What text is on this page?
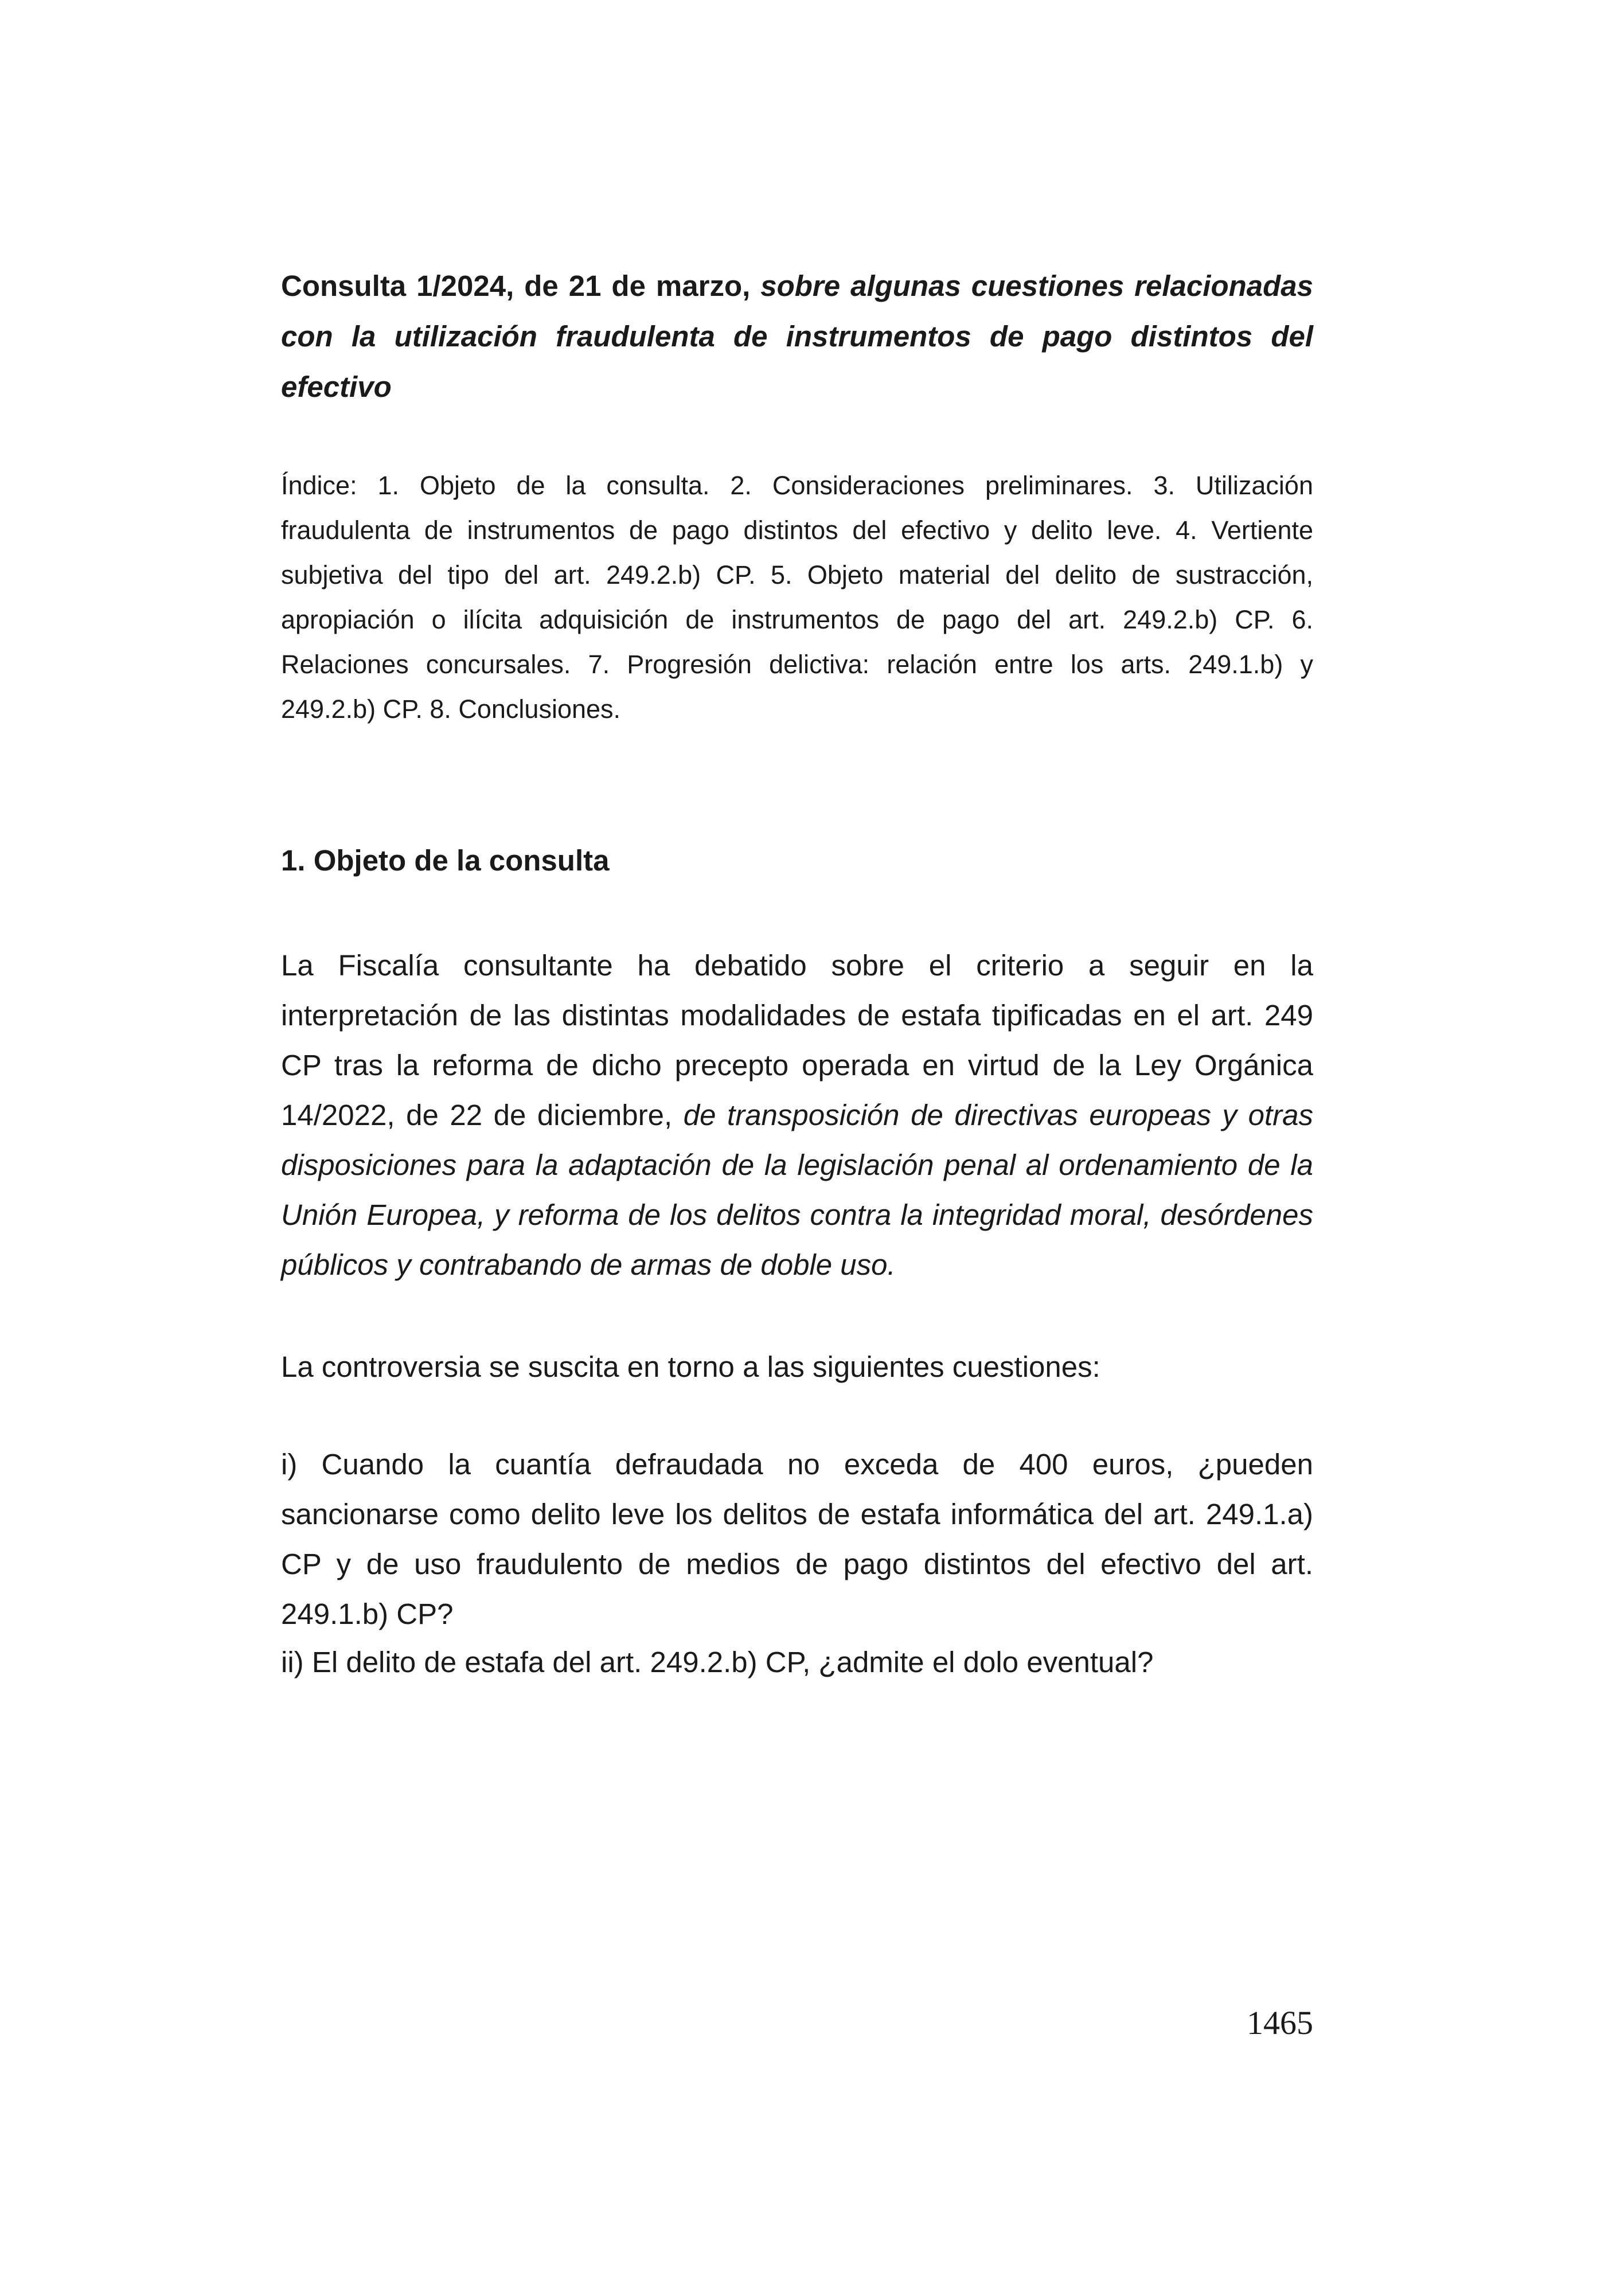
Consulta 1/2024, de 21 de marzo, sobre algunas cuestiones relacionadas con la utilización fraudulenta de instrumentos de pago distintos del efectivo
Índice: 1. Objeto de la consulta. 2. Consideraciones preliminares. 3. Utilización fraudulenta de instrumentos de pago distintos del efectivo y delito leve. 4. Vertiente subjetiva del tipo del art. 249.2.b) CP. 5. Objeto material del delito de sustracción, apropiación o ilícita adquisición de instrumentos de pago del art. 249.2.b) CP. 6. Relaciones concursales. 7. Progresión delictiva: relación entre los arts. 249.1.b) y 249.2.b) CP. 8. Conclusiones.
1. Objeto de la consulta
La Fiscalía consultante ha debatido sobre el criterio a seguir en la interpretación de las distintas modalidades de estafa tipificadas en el art. 249 CP tras la reforma de dicho precepto operada en virtud de la Ley Orgánica 14/2022, de 22 de diciembre, de transposición de directivas europeas y otras disposiciones para la adaptación de la legislación penal al ordenamiento de la Unión Europea, y reforma de los delitos contra la integridad moral, desórdenes públicos y contrabando de armas de doble uso.
La controversia se suscita en torno a las siguientes cuestiones:
i) Cuando la cuantía defraudada no exceda de 400 euros, ¿pueden sancionarse como delito leve los delitos de estafa informática del art. 249.1.a) CP y de uso fraudulento de medios de pago distintos del efectivo del art. 249.1.b) CP?
ii) El delito de estafa del art. 249.2.b) CP, ¿admite el dolo eventual?
1465
